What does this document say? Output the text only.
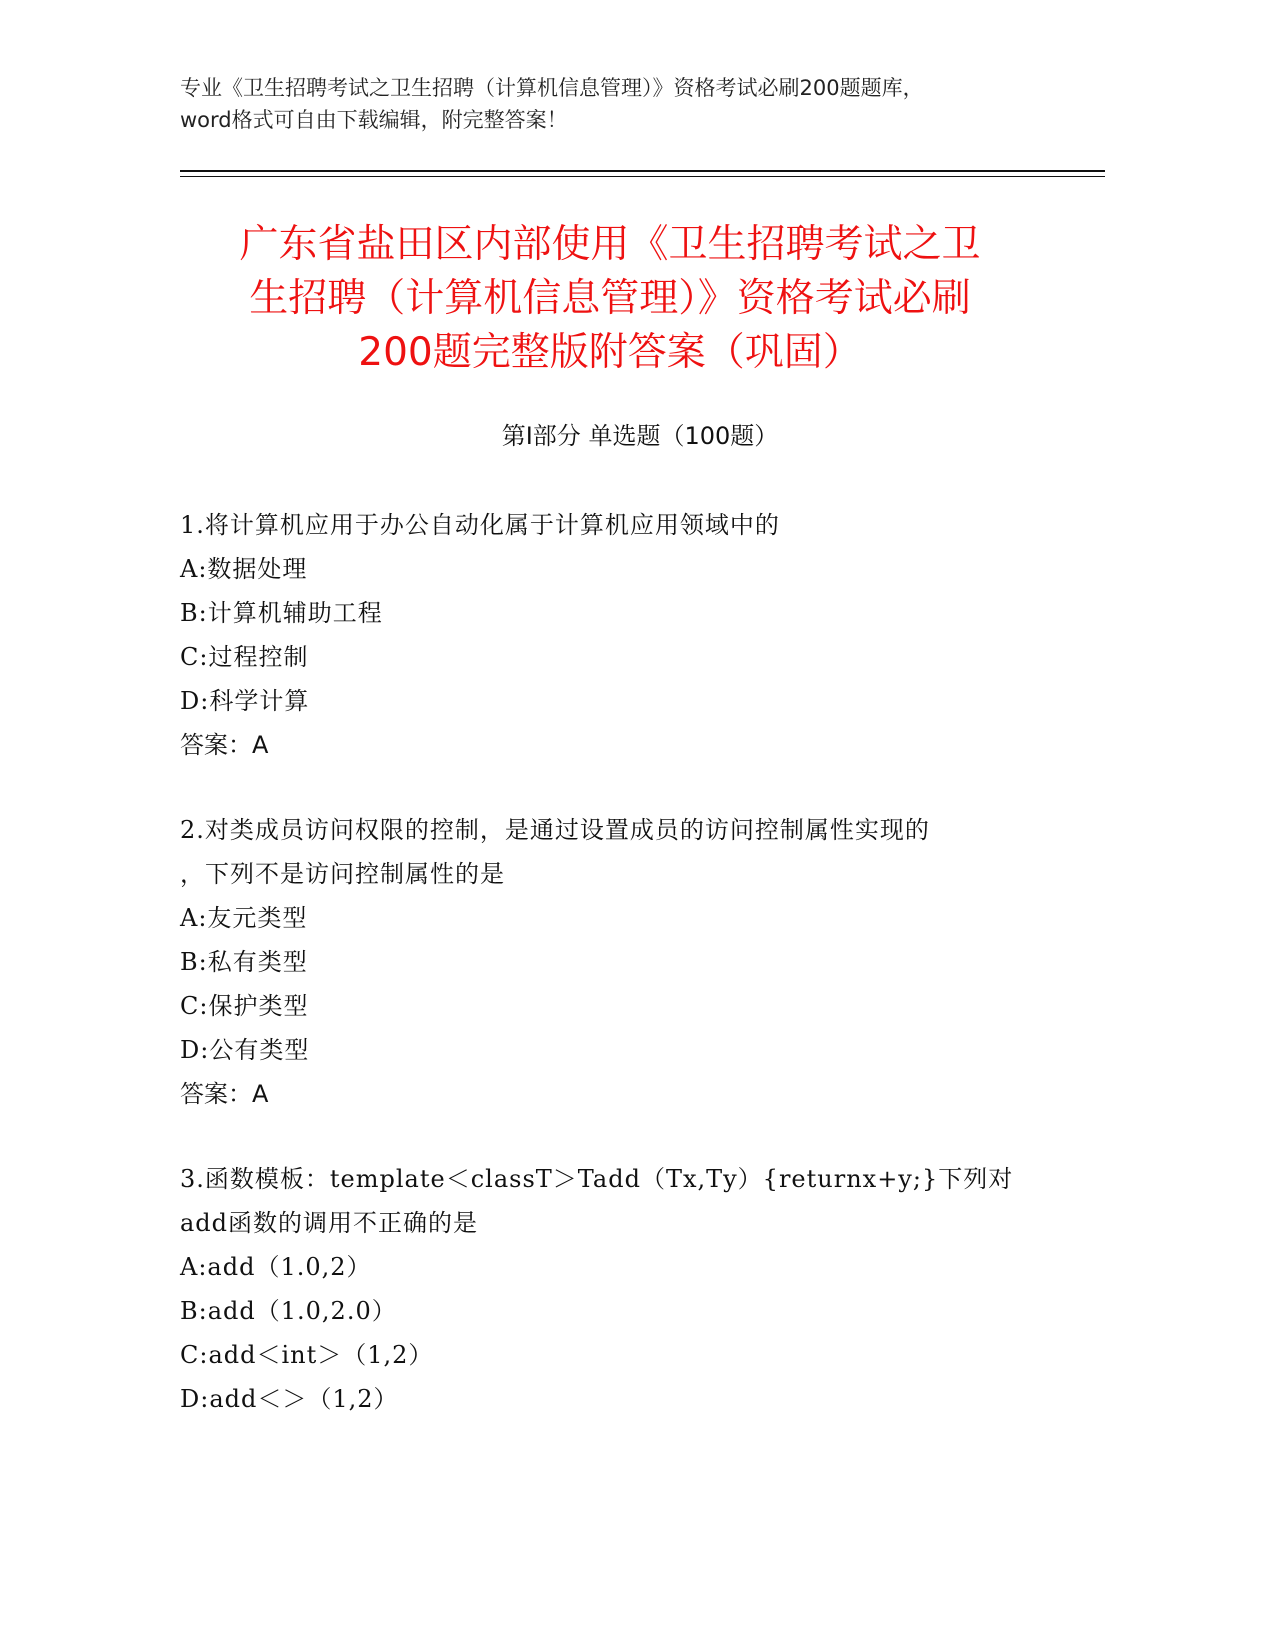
专业《卫生招聘考试之卫生招聘（计算机信息管理）》资格考试必刷200题题库，
word格式可自由下载编辑，附完整答案！
广东省盐田区内部使用《卫生招聘考试之卫
生招聘（计算机信息管理）》资格考试必刷
200题完整版附答案（巩固）
第Ⅰ部分 单选题（100题）
1.将计算机应用于办公自动化属于计算机应用领域中的
A:数据处理
B:计算机辅助工程
C:过程控制
D:科学计算
答案：A
2.对类成员访问权限的控制，是通过设置成员的访问控制属性实现的
，下列不是访问控制属性的是
A:友元类型
B:私有类型
C:保护类型
D:公有类型
答案：A
3.函数模板：template＜classT＞Tadd（Tx,Ty）{returnx+y;}下列对
add函数的调用不正确的是
A:add（1.0,2）
B:add（1.0,2.0）
C:add＜int＞（1,2）
D:add＜＞（1,2）
